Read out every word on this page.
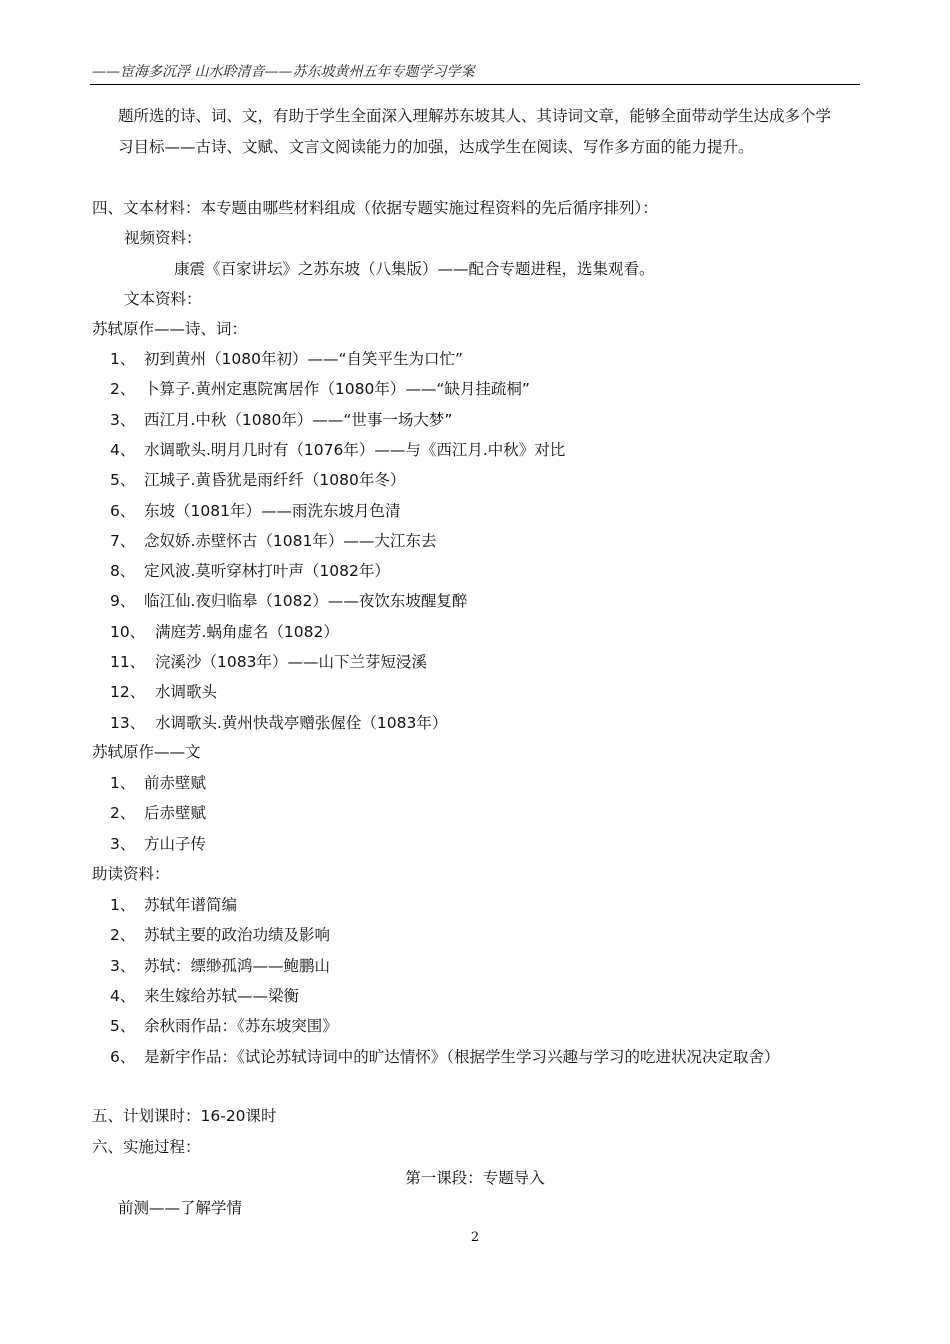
——宦海多沉浮 山水聆清音——苏东坡黄州五年专题学习学案
题所选的诗、词、文，有助于学生全面深入理解苏东坡其人、其诗词文章，能够全面带动学生达成多个学
习目标——古诗、文赋、文言文阅读能力的加强，达成学生在阅读、写作多方面的能力提升。
四、文本材料：本专题由哪些材料组成（依据专题实施过程资料的先后循序排列）：
视频资料：
康震《百家讲坛》之苏东坡（八集版）——配合专题进程，选集观看。
文本资料：
苏轼原作——诗、词：
1、 初到黄州（1080年初）——“自笑平生为口忙”
2、 卜算子.黄州定惠院寓居作（1080年）——“缺月挂疏桐”
3、 西江月.中秋（1080年）——“世事一场大梦”
4、 水调歌头.明月几时有（1076年）——与《西江月.中秋》对比
5、 江城子.黄昏犹是雨纤纤（1080年冬）
6、 东坡（1081年）——雨洗东坡月色清
7、 念奴娇.赤壁怀古（1081年）——大江东去
8、 定风波.莫听穿林打叶声（1082年）
9、 临江仙.夜归临皋（1082）——夜饮东坡醒复醉
10、 满庭芳.蜗角虚名（1082）
11、 浣溪沙（1083年）——山下兰芽短浸溪
12、 水调歌头
13、 水调歌头.黄州快哉亭赠张偓佺（1083年）
苏轼原作——文
1、 前赤壁赋
2、 后赤壁赋
3、 方山子传
助读资料：
1、 苏轼年谱简编
2、 苏轼主要的政治功绩及影响
3、 苏轼：缥缈孤鸿——鲍鹏山
4、 来生嫁给苏轼——梁衡
5、 余秋雨作品：《苏东坡突围》
6、 是新宇作品：《试论苏轼诗词中的旷达情怀》（根据学生学习兴趣与学习的吃进状况决定取舍）
五、计划课时：16-20课时
六、实施过程：
第一课段：专题导入
前测——了解学情
2
